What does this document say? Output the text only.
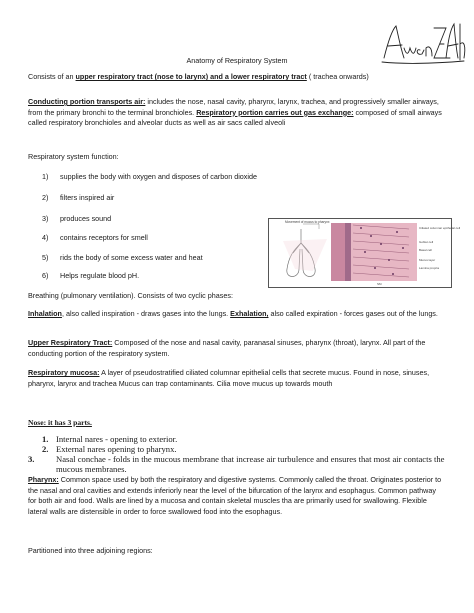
Anatomy of Respiratory System
Consists of an upper respiratory tract (nose to larynx) and a lower respiratory tract ( trachea onwards)
Conducting portion transports air: includes the nose, nasal cavity, pharynx, larynx, trachea, and progressively smaller airways, from the primary bronchi to the terminal bronchioles. Respiratory portion carries out gas exchange: composed of small airways called respiratory bronchioles and alveolar ducts as well as air sacs called alveoli
Respiratory system function:
1) supplies the body with oxygen and disposes of carbon dioxide
2) filters inspired air
3) produces sound
4) contains receptors for smell
5) rids the body of some excess water and heat
6) Helps regulate blood pH.
Movement of mucus to pharynx
Ciliated columnar epithelial cell
Goblet cell
Basal cell
Mucus layer
Lamina propria
SM
Breathing (pulmonary ventilation). Consists of two cyclic phases:
Inhalation, also called inspiration - draws gases into the lungs. Exhalation, also called expiration - forces gases out of the lungs.
Upper Respiratory Tract: Composed of the nose and nasal cavity, paranasal sinuses, pharynx (throat), larynx. All part of the conducting portion of the respiratory system.
Respiratory mucosa: A layer of pseudostratified ciliated columnar epithelial cells that secrete mucus. Found in nose, sinuses, pharynx, larynx and trachea Mucus can trap contaminants. Cilia move mucus up towards mouth
Nose: it has 3 parts.
1. Internal nares - opening to exterior.
2. External nares opening to pharynx.
3.	Nasal conchae - folds in the mucous membrane that increase air turbulence and ensures that most air contacts the mucous membranes.
Pharynx: Common space used by both the respiratory and digestive systems. Commonly called the throat. Originates posterior to the nasal and oral cavities and extends inferiorly near the level of the bifurcation of the larynx and esophagus. Common pathway for both air and food. Walls are lined by a mucosa and contain skeletal muscles tha are primarily used for swallowing. Flexible lateral walls are distensible in order to force swallowed food into the esophagus.
Partitioned into three adjoining regions:
